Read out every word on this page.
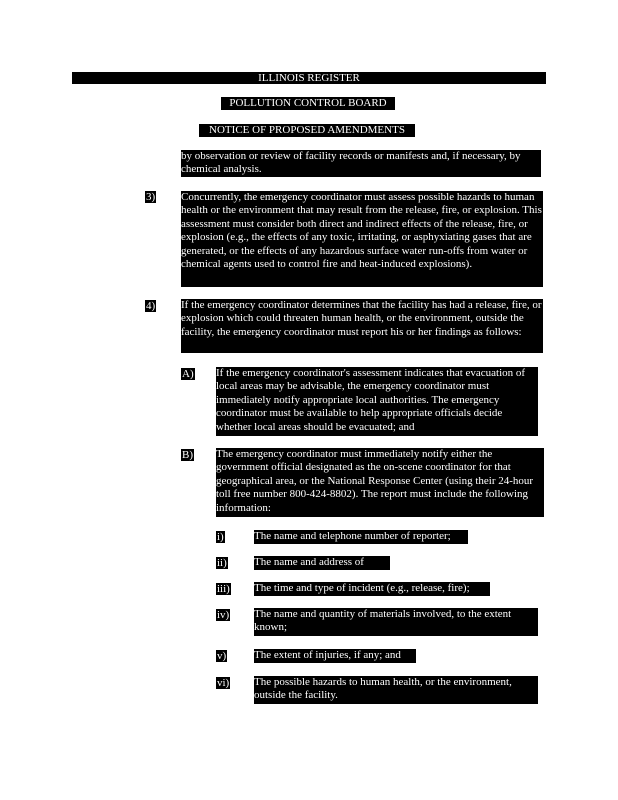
ILLINOIS REGISTER
POLLUTION CONTROL BOARD
NOTICE OF PROPOSED AMENDMENTS
by observation or review of facility records or manifests and, if necessary, by chemical analysis.
3) Concurrently, the emergency coordinator must assess possible hazards to human health or the environment that may result from the release, fire, or explosion. This assessment must consider both direct and indirect effects of the release, fire, or explosion (e.g., the effects of any toxic, irritating, or asphyxiating gases that are generated, or the effects of any hazardous surface water run-offs from water or chemical agents used to control fire and heat-induced explosions).
4) If the emergency coordinator determines that the facility has had a release, fire, or explosion which could threaten human health, or the environment, outside the facility, the emergency coordinator must report his or her findings as follows:
A) If the emergency coordinator's assessment indicates that evacuation of local areas may be advisable, the emergency coordinator must immediately notify appropriate local authorities. The emergency coordinator must be available to help appropriate officials decide whether local areas should be evacuated; and
B) The emergency coordinator must immediately notify either the government official designated as the on-scene coordinator for that geographical area, or the National Response Center (using their 24-hour toll free number 800-424-8802). The report must include the following information:
i)	The name and telephone number of reporter;
ii) The name and address of facility;
iii) The time and type of incident (e.g., release, fire);
iv) The name and quantity of materials involved, to the extent known;
v)	The extent of injuries, if any; and
vi) The possible hazards to human health, or the environment, outside the facility.
